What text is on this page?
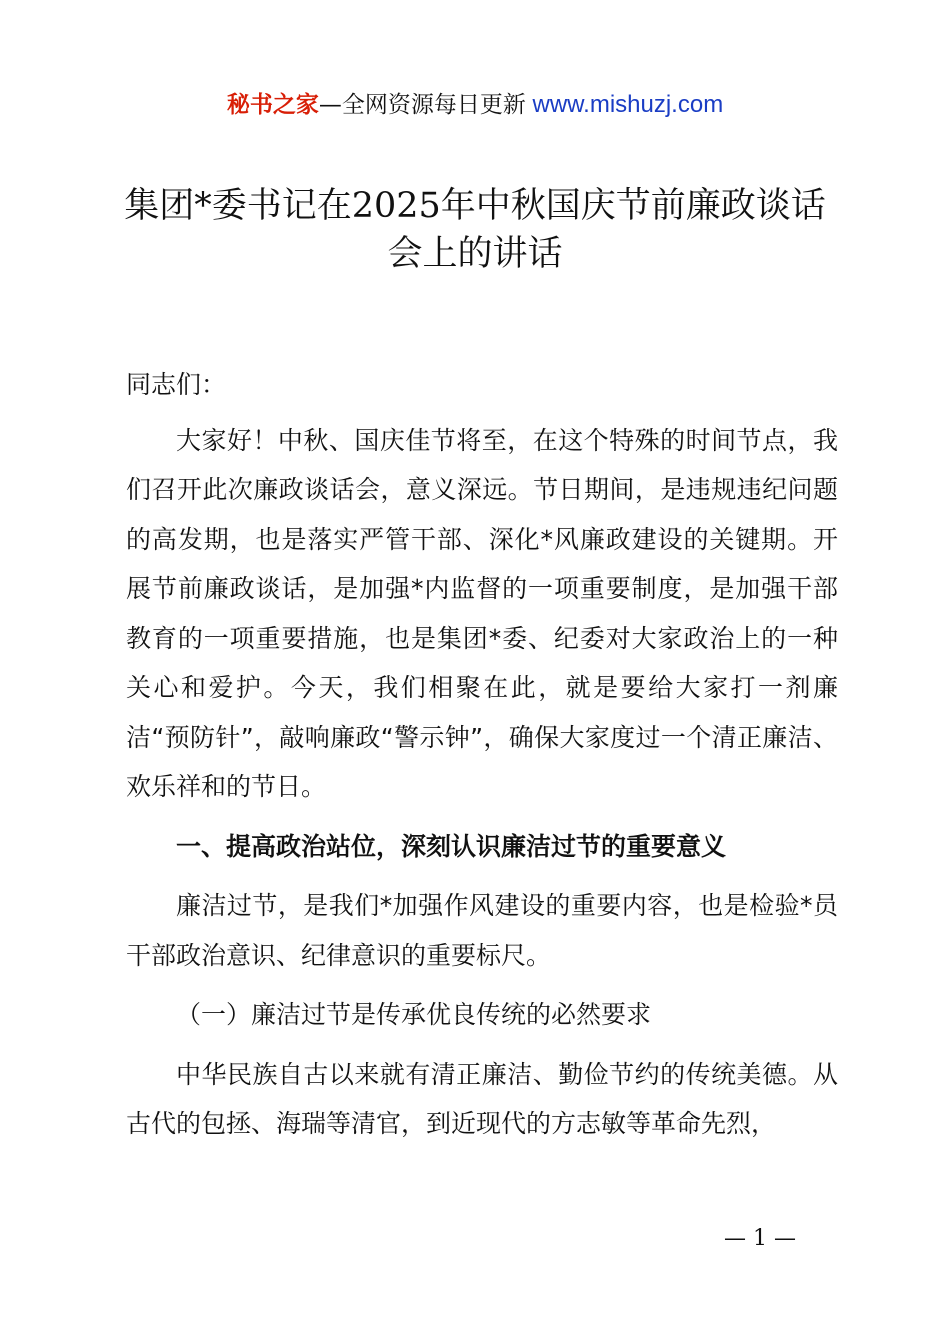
秘书之家—全网资源每日更新 www.mishuzj.com
集团*委书记在2025年中秋国庆节前廉政谈话
会上的讲话

同志们：

大家好！中秋、国庆佳节将至，在这个特殊的时间节点，我们召开此次廉政谈话会，意义深远。节日期间，是违规违纪问题的高发期，也是落实严管干部、深化*风廉政建设的关键期。开展节前廉政谈话，是加强*内监督的一项重要制度，是加强干部教育的一项重要措施，也是集团*委、纪委对大家政治上的一种关心和爱护。今天，我们相聚在此，就是要给大家打一剂廉洁“预防针”，敲响廉政“警示钟”，确保大家度过一个清正廉洁、欢乐祥和的节日。

一、提高政治站位，深刻认识廉洁过节的重要意义

廉洁过节，是我们*加强作风建设的重要内容，也是检验*员干部政治意识、纪律意识的重要标尺。

（一）廉洁过节是传承优良传统的必然要求

中华民族自古以来就有清正廉洁、勤俭节约的传统美德。从古代的包拯、海瑞等清官，到近现代的方志敏等革命先烈，

— 1 —
